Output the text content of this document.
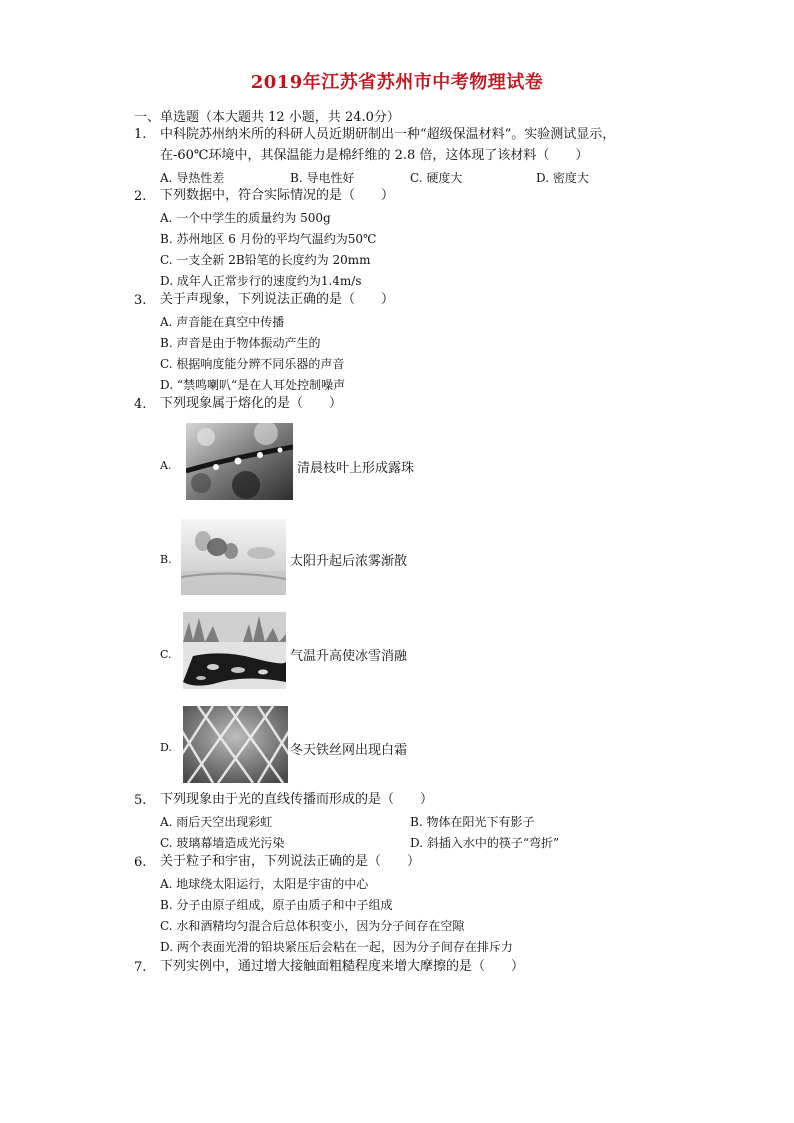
2019年江苏省苏州市中考物理试卷
一、单选题（本大题共 12 小题，共 24.0分）
1. 中科院苏州纳米所的科研人员近期研制出一种“超级保温材料”。实验测试显示，
在-60℃环境中，其保温能力是棉纤维的 2.8 倍，这体现了该材料（　　）
A. 导热性差	B. 导电性好	C. 硬度大	D. 密度大
2. 下列数据中，符合实际情况的是（　　）
A. 一个中学生的质量约为 500g
B. 苏州地区 6 月份的平均气温约为50℃
C. 一支全新 2B铅笔的长度约为 20mm
D. 成年人正常步行的速度约为1.4m/s
3. 关于声现象，下列说法正确的是（　　）
A. 声音能在真空中传播
B. 声音是由于物体振动产生的
C. 根据响度能分辨不同乐器的声音
D. “禁鸣喇叭“是在人耳处控制噪声
4. 下列现象属于熔化的是（　　）
A.	清晨枝叶上形成露珠
B.	太阳升起后浓雾渐散
C.	气温升高使冰雪消融
D.	冬天铁丝网出现白霜
5. 下列现象由于光的直线传播而形成的是（　　）
A. 雨后天空出现彩虹	B. 物体在阳光下有影子
C. 玻璃幕墙造成光污染	D. 斜插入水中的筷子“弯折”
6. 关于粒子和宇宙，下列说法正确的是（　　）
A. 地球绕太阳运行，太阳是宇宙的中心
B. 分子由原子组成，原子由质子和中子组成
C. 水和酒精均匀混合后总体积变小，因为分子间存在空隙
D. 两个表面光滑的铅块紧压后会粘在一起，因为分子间存在排斥力
7. 下列实例中，通过增大接触面粗糙程度来增大摩擦的是（　　）
